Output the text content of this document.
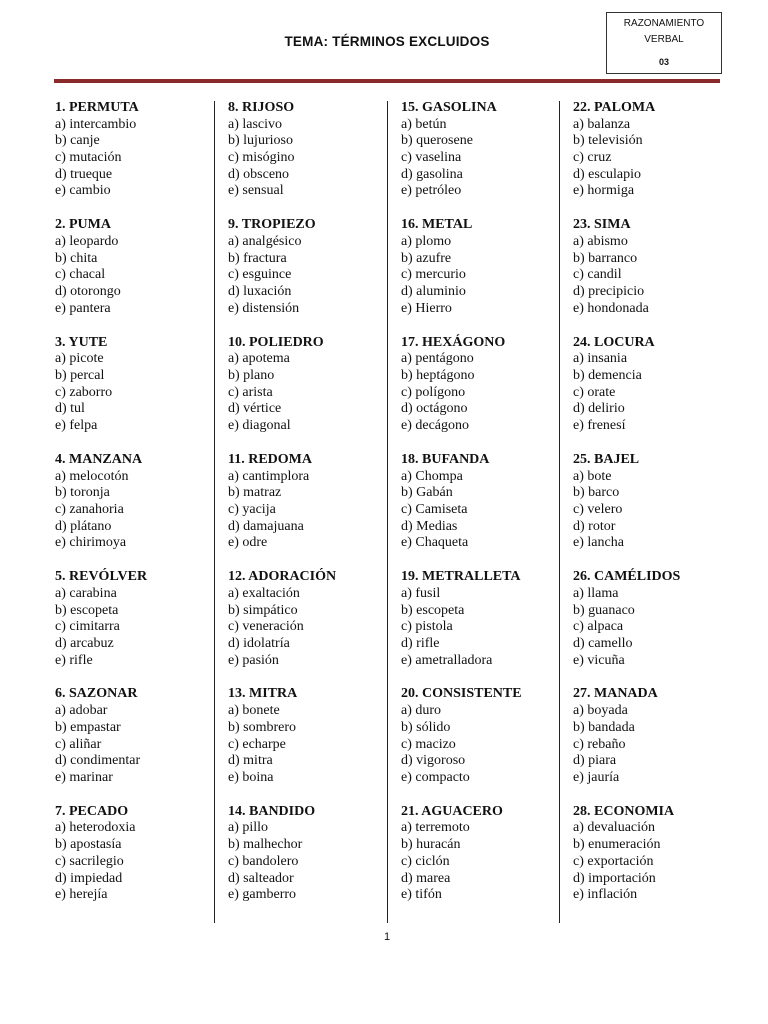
TEMA: TÉRMINOS EXCLUIDOS
RAZONAMIENTO
VERBAL
03
1. PERMUTA
a) intercambio
b) canje
c) mutación
d) trueque
e) cambio
2. PUMA
a) leopardo
b) chita
c) chacal
d) otorongo
e) pantera
3. YUTE
a) picote
b) percal
c) zaborro
d) tul
e) felpa
4. MANZANA
a) melocotón
b) toronja
c) zanahoria
d) plátano
e) chirimoya
5. REVÓLVER
a) carabina
b) escopeta
c) cimitarra
d) arcabuz
e) rifle
6. SAZONAR
a) adobar
b) empastar
c) aliñar
d) condimentar
e) marinar
7. PECADO
a) heterodoxia
b) apostasía
c) sacrilegio
d) impiedad
e) herejía
8. RIJOSO
a) lascivo
b) lujurioso
c) misógino
d) obsceno
e) sensual
9. TROPIEZO
a) analgésico
b) fractura
c) esguince
d) luxación
e) distensión
10. POLIEDRO
a) apotema
b) plano
c) arista
d) vértice
e) diagonal
11. REDOMA
a) cantimplora
b) matraz
c) yacija
d) damajuana
e) odre
12. ADORACIÓN
a) exaltación
b) simpático
c) veneración
d) idolatría
e) pasión
13. MITRA
a) bonete
b) sombrero
c) echarpe
d) mitra
e) boina
14. BANDIDO
a) pillo
b) malhechor
c) bandolero
d) salteador
e) gamberro
15. GASOLINA
a) betún
b) querosene
c) vaselina
d) gasolina
e) petróleo
16. METAL
a) plomo
b) azufre
c) mercurio
d) aluminio
e) Hierro
17. HEXÁGONO
a) pentágono
b) heptágono
c) polígono
d) octágono
e) decágono
18. BUFANDA
a) Chompa
b) Gabán
c) Camiseta
d) Medias
e) Chaqueta
19. METRALLETA
a) fusil
b) escopeta
c) pistola
d) rifle
e) ametralladora
20. CONSISTENTE
a) duro
b) sólido
c) macizo
d) vigoroso
e) compacto
21. AGUACERO
a) terremoto
b) huracán
c) ciclón
d) marea
e) tifón
22. PALOMA
a) balanza
b) televisión
c) cruz
d) esculapio
e) hormiga
23. SIMA
a) abismo
b) barranco
c) candil
d) precipicio
e) hondonada
24. LOCURA
a) insania
b) demencia
c) orate
d) delirio
e) frenesí
25. BAJEL
a) bote
b) barco
c) velero
d) rotor
e) lancha
26. CAMÉLIDOS
a) llama
b) guanaco
c) alpaca
d) camello
e) vicuña
27. MANADA
a) boyada
b) bandada
c) rebaño
d) piara
e) jauría
28. ECONOMIA
a) devaluación
b) enumeración
c) exportación
d) importación
e) inflación
1
